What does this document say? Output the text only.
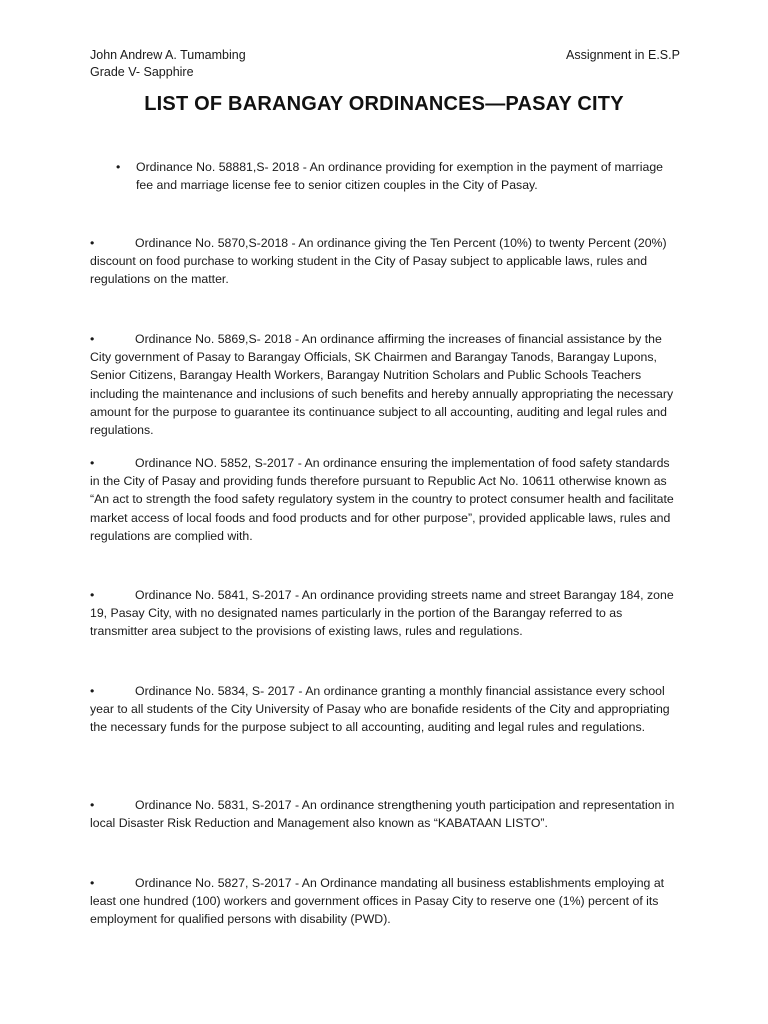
John Andrew A. Tumambing
Grade V- Sapphire
Assignment in E.S.P
LIST OF BARANGAY ORDINANCES—PASAY CITY
•	Ordinance No. 58881,S- 2018 - An ordinance providing for exemption in the payment of marriage fee and marriage license fee to senior citizen couples in the City of Pasay.

•	Ordinance No. 5870,S-2018 - An ordinance giving the Ten Percent (10%) to twenty Percent (20%) discount on food purchase to working student in the City of Pasay subject to applicable laws, rules and regulations on the matter.

•	Ordinance No. 5869,S- 2018 - An ordinance affirming the increases of financial assistance by the City government of Pasay to Barangay Officials, SK Chairmen and Barangay Tanods, Barangay Lupons, Senior Citizens, Barangay Health Workers, Barangay Nutrition Scholars and Public Schools Teachers including the maintenance and inclusions of such benefits and hereby annually appropriating the necessary amount for the purpose to guarantee its continuance subject to all accounting, auditing and legal rules and regulations.

•	Ordinance NO. 5852, S-2017 - An ordinance ensuring the implementation of food safety standards in the City of Pasay and providing funds therefore pursuant to Republic Act No. 10611 otherwise known as “An act to strength the food safety regulatory system in the country to protect consumer health and facilitate market access of local foods and food products and for other purpose”, provided applicable laws, rules and regulations are complied with.

•	Ordinance No. 5841, S-2017 - An ordinance providing streets name and street Barangay 184, zone 19, Pasay City, with no designated names particularly in the portion of the Barangay referred to as transmitter area subject to the provisions of existing laws, rules and regulations.

•	Ordinance No. 5834, S- 2017 - An ordinance granting a monthly financial assistance every school year to all students of the City University of Pasay who are bonafide residents of the City and appropriating the necessary funds for the purpose subject to all accounting, auditing and legal rules and regulations.

•	Ordinance No. 5831, S-2017 - An ordinance strengthening youth participation and representation in local Disaster Risk Reduction and Management also known as “KABATAAN LISTO”.

•	Ordinance No. 5827, S-2017 - An Ordinance mandating all business establishments employing at least one hundred (100) workers and government offices in Pasay City to reserve one (1%) percent of its employment for qualified persons with disability (PWD).
